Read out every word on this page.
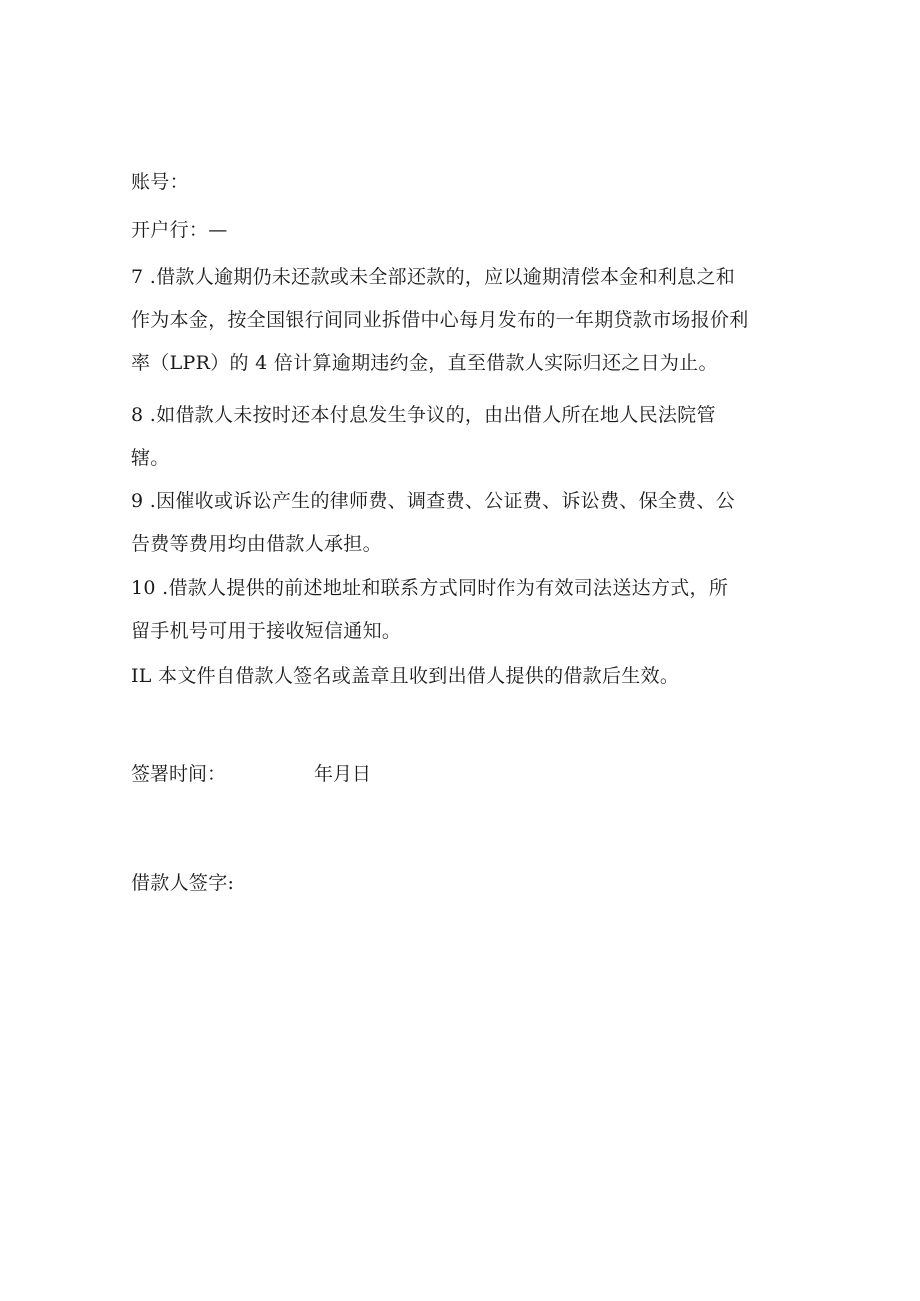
账号：
开户行：—
7 .借款人逾期仍未还款或未全部还款的，应以逾期清偿本金和利息之和
作为本金，按全国银行间同业拆借中心每月发布的一年期贷款市场报价利
率（LPR）的 4 倍计算逾期违约金，直至借款人实际归还之日为止。
8 .如借款人未按时还本付息发生争议的，由出借人所在地人民法院管
辖。
9 .因催收或诉讼产生的律师费、调查费、公证费、诉讼费、保全费、公
告费等费用均由借款人承担。
10 .借款人提供的前述地址和联系方式同时作为有效司法送达方式，所
留手机号可用于接收短信通知。
IL 本文件自借款人签名或盖章且收到出借人提供的借款后生效。
签署时间：	年月日
借款人签字:
